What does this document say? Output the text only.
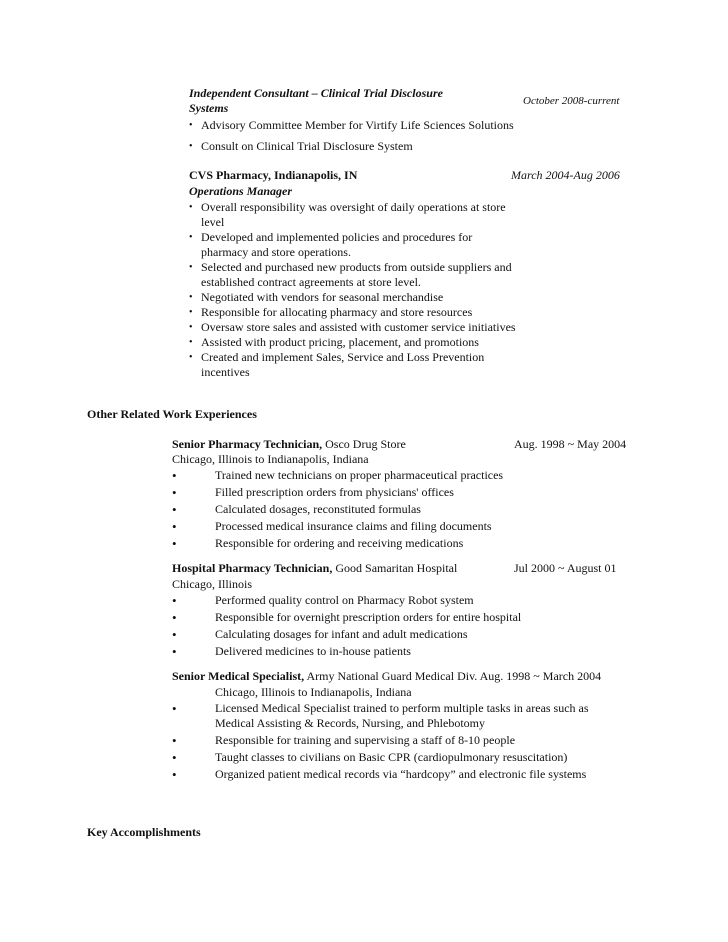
Independent Consultant – Clinical Trial Disclosure
Systems	October 2008-current
• Advisory Committee Member for Virtify Life Sciences Solutions
• Consult on Clinical Trial Disclosure System
CVS Pharmacy, Indianapolis, IN	March 2004-Aug 2006
Operations Manager
• Overall responsibility was oversight of daily operations at store level
• Developed and implemented policies and procedures for pharmacy and store operations.
• Selected and purchased new products from outside suppliers and established contract agreements at store level.
• Negotiated with vendors for seasonal merchandise
• Responsible for allocating pharmacy and store resources
• Oversaw store sales and assisted with customer service initiatives
• Assisted with product pricing, placement, and promotions
• Created and implement Sales, Service and Loss Prevention incentives
Other Related Work Experiences
Senior Pharmacy Technician, Osco Drug Store	Aug. 1998 ~ May 2004
Chicago, Illinois to Indianapolis, Indiana
•	Trained new technicians on proper pharmaceutical practices
•	Filled prescription orders from physicians' offices
•	Calculated dosages, reconstituted formulas
•	Processed medical insurance claims and filing documents
•	Responsible for ordering and receiving medications
Hospital Pharmacy Technician, Good Samaritan Hospital	Jul 2000 ~ August 01
Chicago, Illinois
•	Performed quality control on Pharmacy Robot system
•	Responsible for overnight prescription orders for entire hospital
•	Calculating dosages for infant and adult medications
•	Delivered medicines to in-house patients
Senior Medical Specialist, Army National Guard Medical Div. Aug. 1998 ~ March 2004
Chicago, Illinois to Indianapolis, Indiana
•	Licensed Medical Specialist trained to perform multiple tasks in areas such as Medical Assisting & Records, Nursing, and Phlebotomy
•	Responsible for training and supervising a staff of 8-10 people
•	Taught classes to civilians on Basic CPR (cardiopulmonary resuscitation)
•	Organized patient medical records via “hardcopy” and electronic file systems
Key Accomplishments
